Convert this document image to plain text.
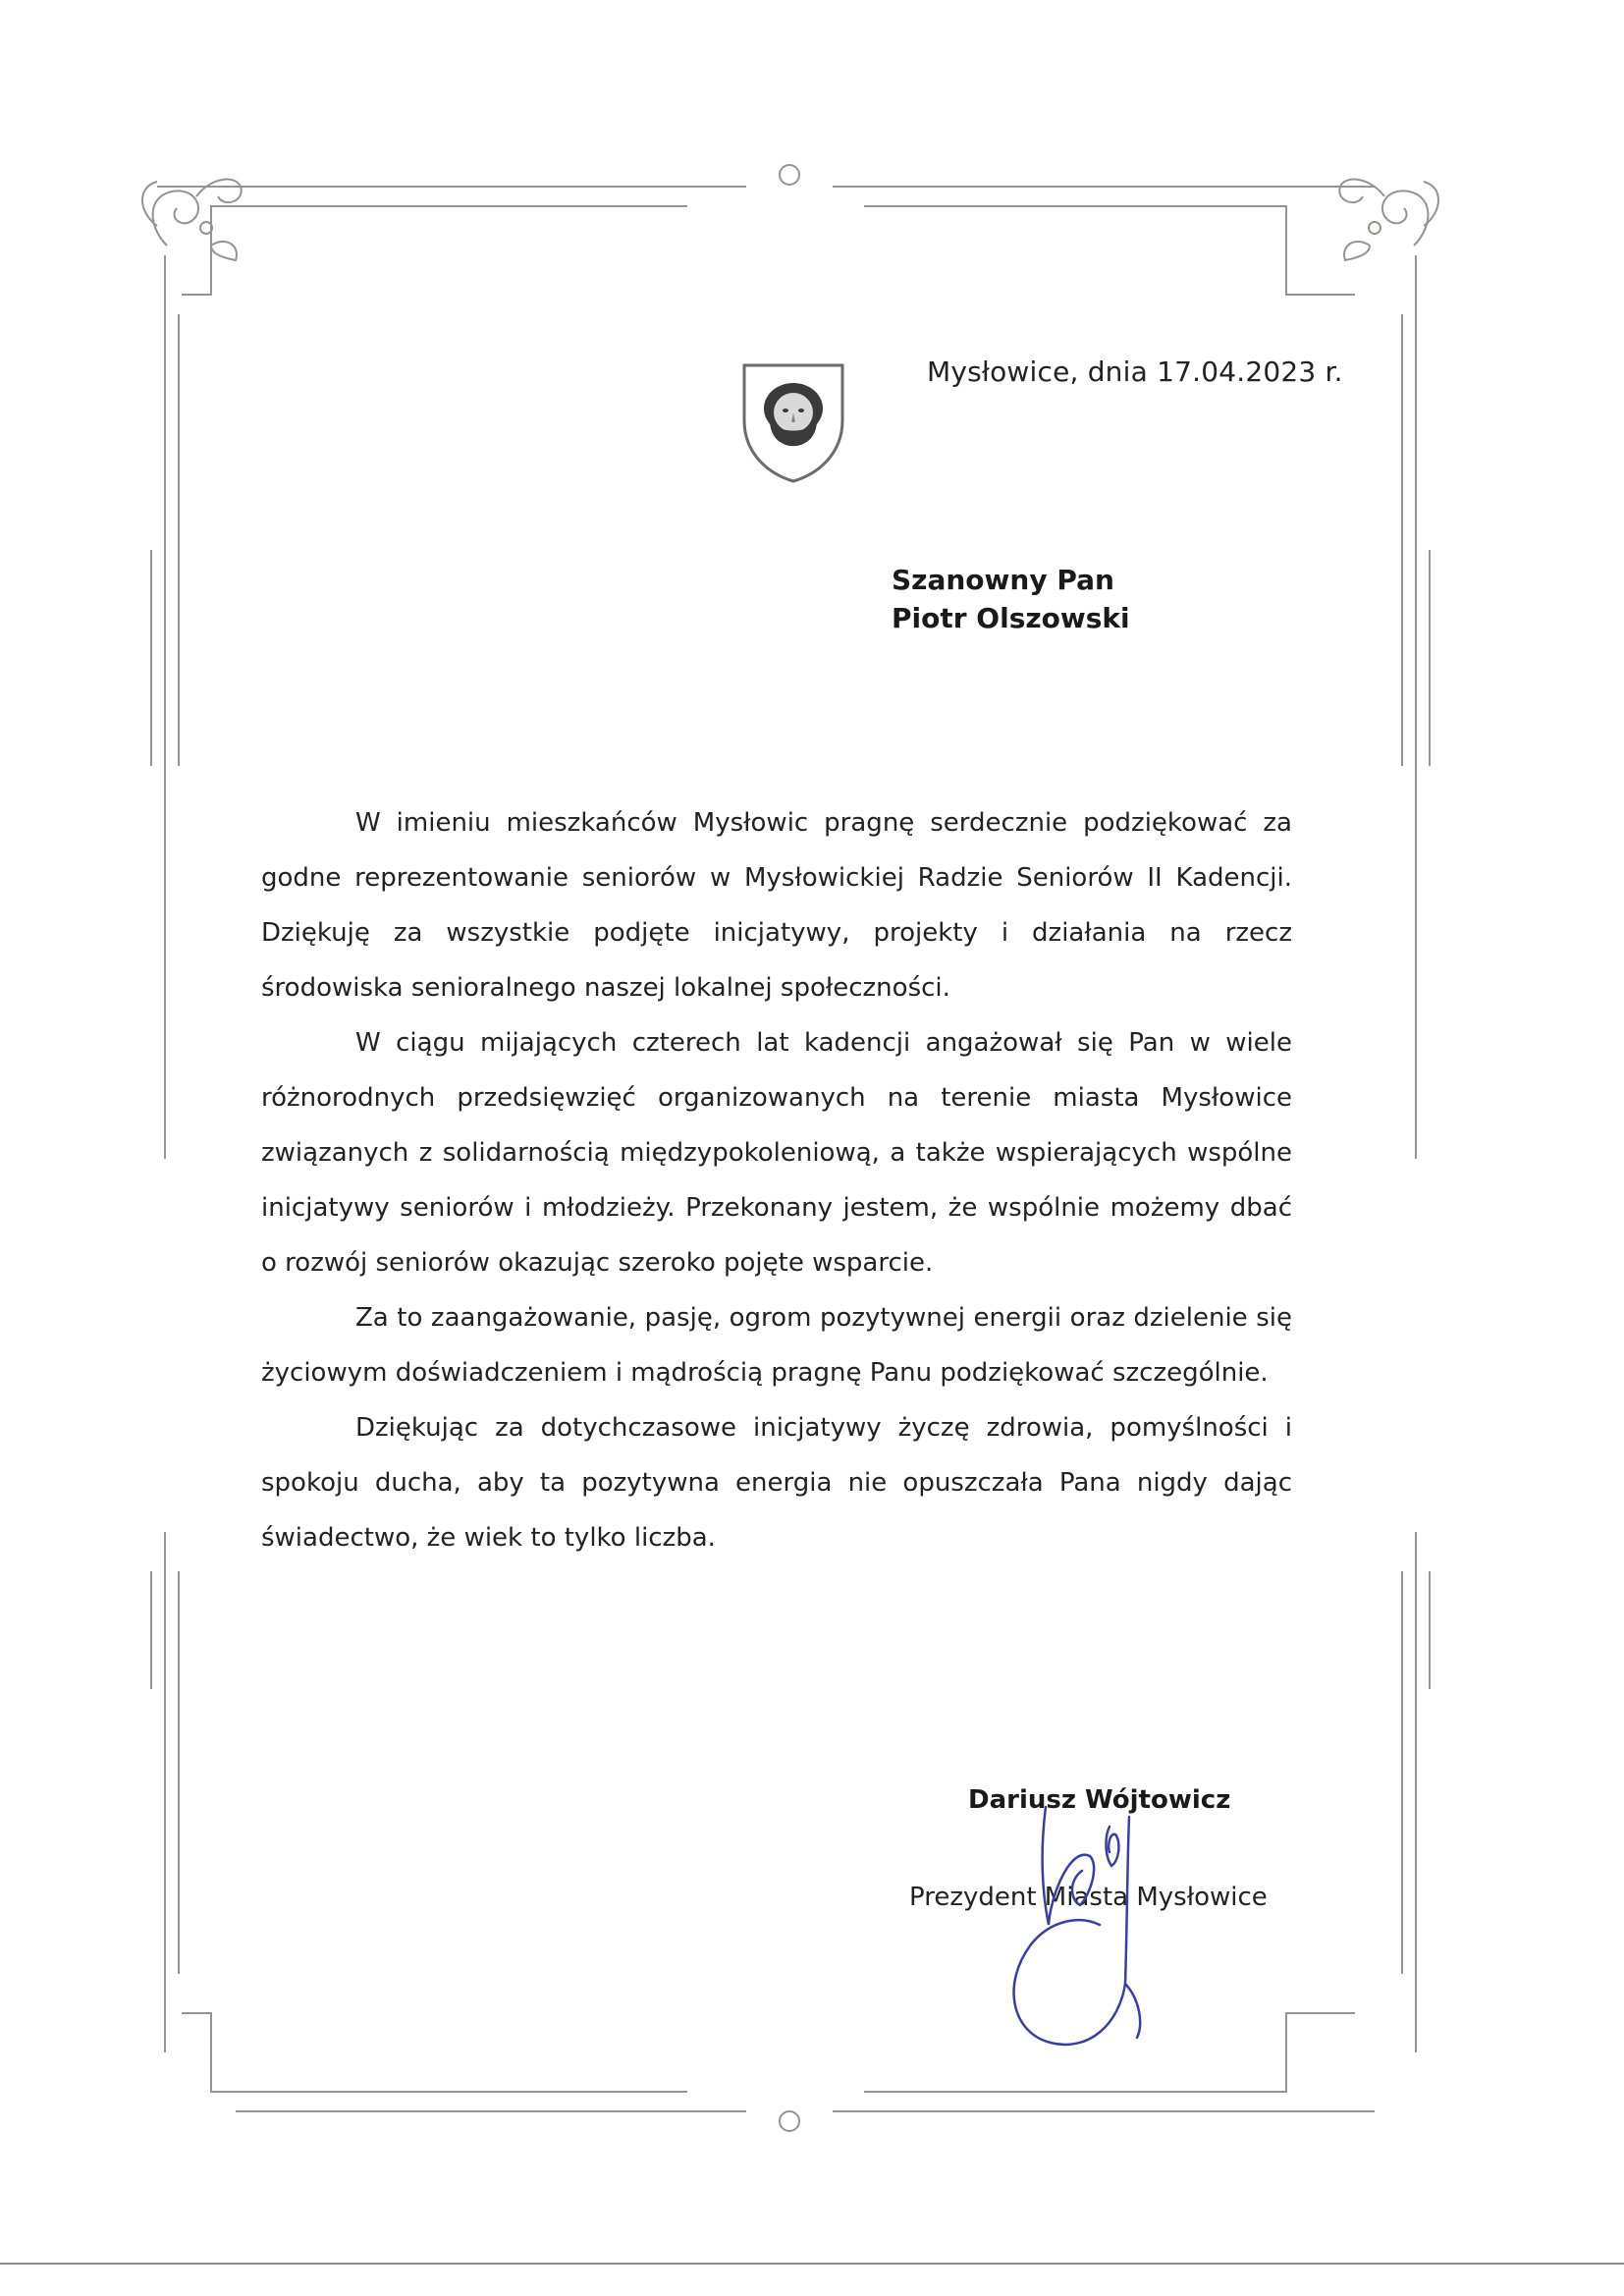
Mysłowice, dnia 17.04.2023 r.
Szanowny Pan
Piotr Olszowski

W imieniu mieszkańców Mysłowic pragnę serdecznie podziękować za godne reprezentowanie seniorów w Mysłowickiej Radzie Seniorów II Kadencji. Dziękuję za wszystkie podjęte inicjatywy, projekty i działania na rzecz środowiska senioralnego naszej lokalnej społeczności.

W ciągu mijających czterech lat kadencji angażował się Pan w wiele różnorodnych przedsięwzięć organizowanych na terenie miasta Mysłowice związanych z solidarnością międzypokoleniową, a także wspierających wspólne inicjatywy seniorów i młodzieży. Przekonany jestem, że wspólnie możemy dbać o rozwój seniorów okazując szeroko pojęte wsparcie.

Za to zaangażowanie, pasję, ogrom pozytywnej energii oraz dzielenie się życiowym doświadczeniem i mądrością pragnę Panu podziękować szczególnie.

Dziękując za dotychczasowe inicjatywy życzę zdrowia, pomyślności i spokoju ducha, aby ta pozytywna energia nie opuszczała Pana nigdy dając świadectwo, że wiek to tylko liczba.

Dariusz Wójtowicz
Prezydent Miasta Mysłowice
